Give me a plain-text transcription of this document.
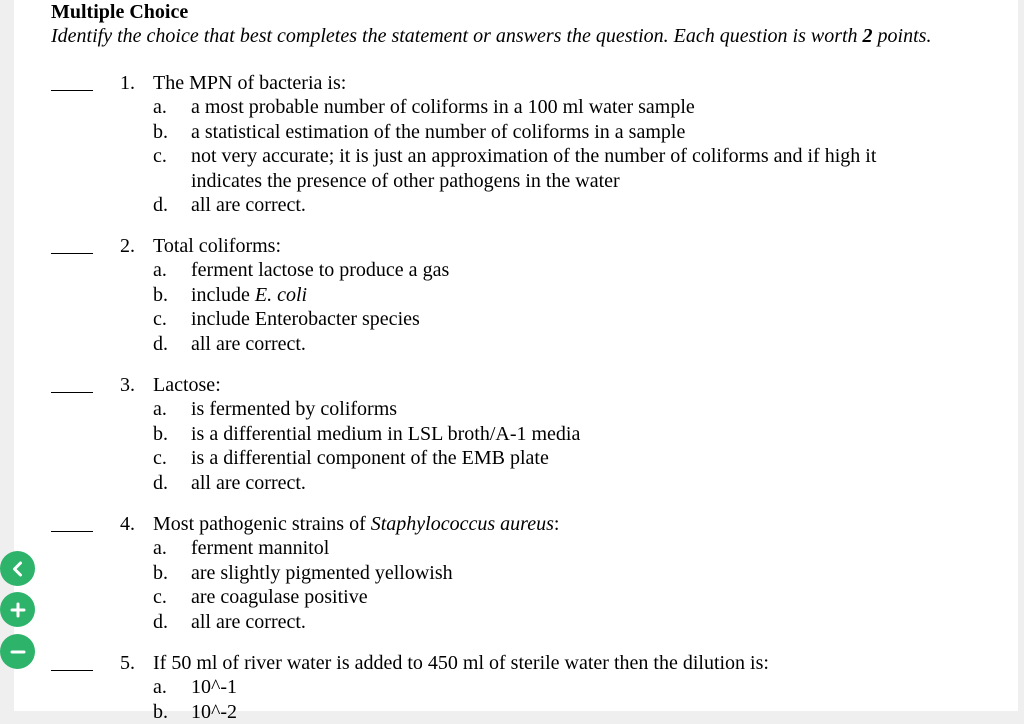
Multiple Choice
Identify the choice that best completes the statement or answers the question. Each question is worth 2 points.
1. The MPN of bacteria is:
a. a most probable number of coliforms in a 100 ml water sample
b. a statistical estimation of the number of coliforms in a sample
c. not very accurate; it is just an approximation of the number of coliforms and if high it indicates the presence of other pathogens in the water
d. all are correct.
2. Total coliforms:
a. ferment lactose to produce a gas
b. include E. coli
c. include Enterobacter species
d. all are correct.
3. Lactose:
a. is fermented by coliforms
b. is a differential medium in LSL broth/A-1 media
c. is a differential component of the EMB plate
d. all are correct.
4. Most pathogenic strains of Staphylococcus aureus:
a. ferment mannitol
b. are slightly pigmented yellowish
c. are coagulase positive
d. all are correct.
5. If 50 ml of river water is added to 450 ml of sterile water then the dilution is:
a. 10^-1
b. 10^-2
